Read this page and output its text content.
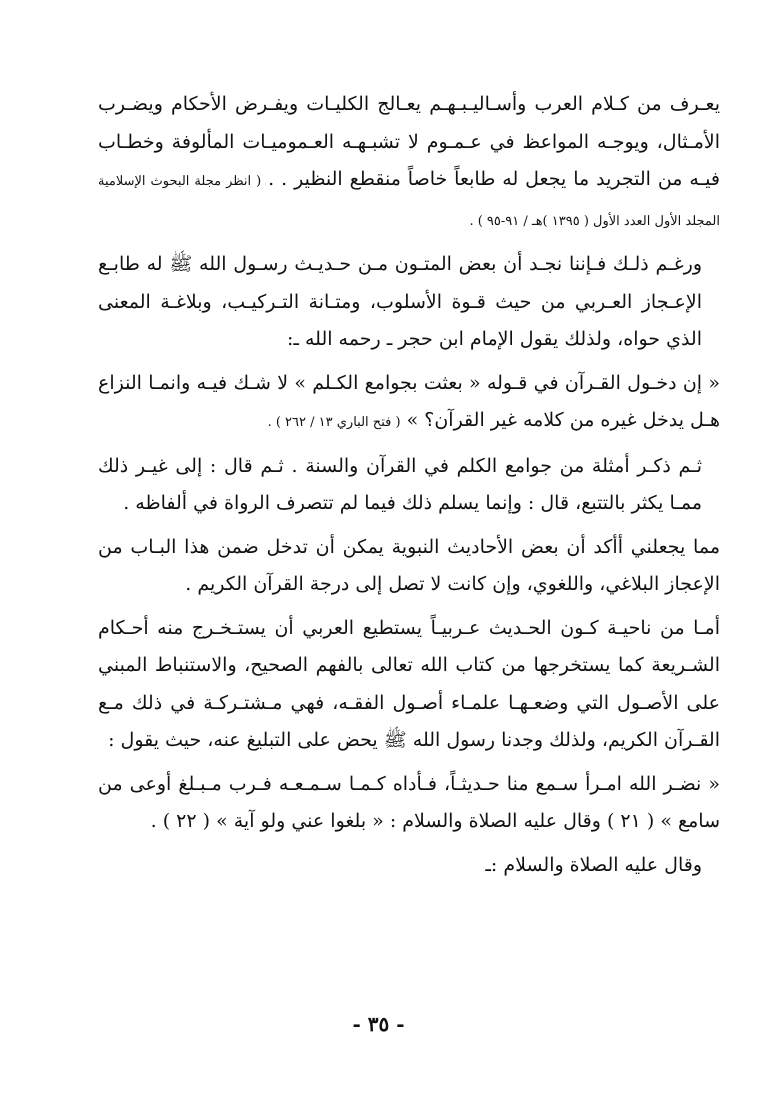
يعـرف من كـلام العرب وأسـاليـبـهـم يعـالج الكليـات ويفـرض الأحكام ويضـرب الأمـثال، ويوجـه المواعظ في عـمـوم لا تشبـهـه العـموميـات المألوفة وخطـاب فيـه من التجريد ما يجعل له طابعاً خاصاً منقطع النظير . . ( انظر مجلة البحوث الإسلامية المجلد الأول العدد الأول ( ١٣٩٥ )هـ / ٩١-٩٥ ) .

ورغـم ذلـك فـإننا نجـد أن بعض المتـون مـن حـديـث رسـول الله ﷺ له طابـع الإعـجاز العـربي من حيث قـوة الأسلوب، ومتـانة التـركيـب، وبلاغـة المعنى الذي حواه، ولذلك يقول الإمام ابن حجر ـ رحمه الله ـ:

« إن دخـول القـرآن في قـوله « بعثت بجوامع الكـلم » لا شـك فيـه وانمـا النزاع هـل يدخل غيره من كلامه غير القرآن؟ » ( فتح الباري ١٣ / ٢٦٢ ) .

ثـم ذكـر أمثلة من جوامع الكلم في القرآن والسنة . ثـم قال : إلى غيـر ذلك ممـا يكثر بالتتبع، قال : وإنما يسلم ذلك فيما لم تتصرف الرواة في ألفاظه .

مما يجعلني أأكد أن بعض الأحاديث النبوية يمكن أن تدخل ضمن هذا البـاب من الإعجاز البلاغي، واللغوي، وإن كانت لا تصل إلى درجة القرآن الكريم .

أمـا من ناحيـة كـون الحـديث عـربيـاً يستطيع العربي أن يستـخـرج منه أحـكام الشـريعة كما يستخرجها من كتاب الله تعالى بالفهم الصحيح، والاستنباط المبني على الأصـول التي وضعـهـا علمـاء أصـول الفقـه، فهي مـشتـركـة في ذلك مـع القـرآن الكريم، ولذلك وجدنا رسول الله ﷺ يحض على التبليغ عنه، حيث يقول :

« نضـر الله امـرأ سـمع منا حـديثـاً، فـأداه كـمـا سـمـعـه فـرب مـبـلغ أوعى من سامع » ( ٢١ ) وقال عليه الصلاة والسلام : « بلغوا عني ولو آية » ( ٢٢ ) .

وقال عليه الصلاة والسلام :ـ

- ٣٥ -
